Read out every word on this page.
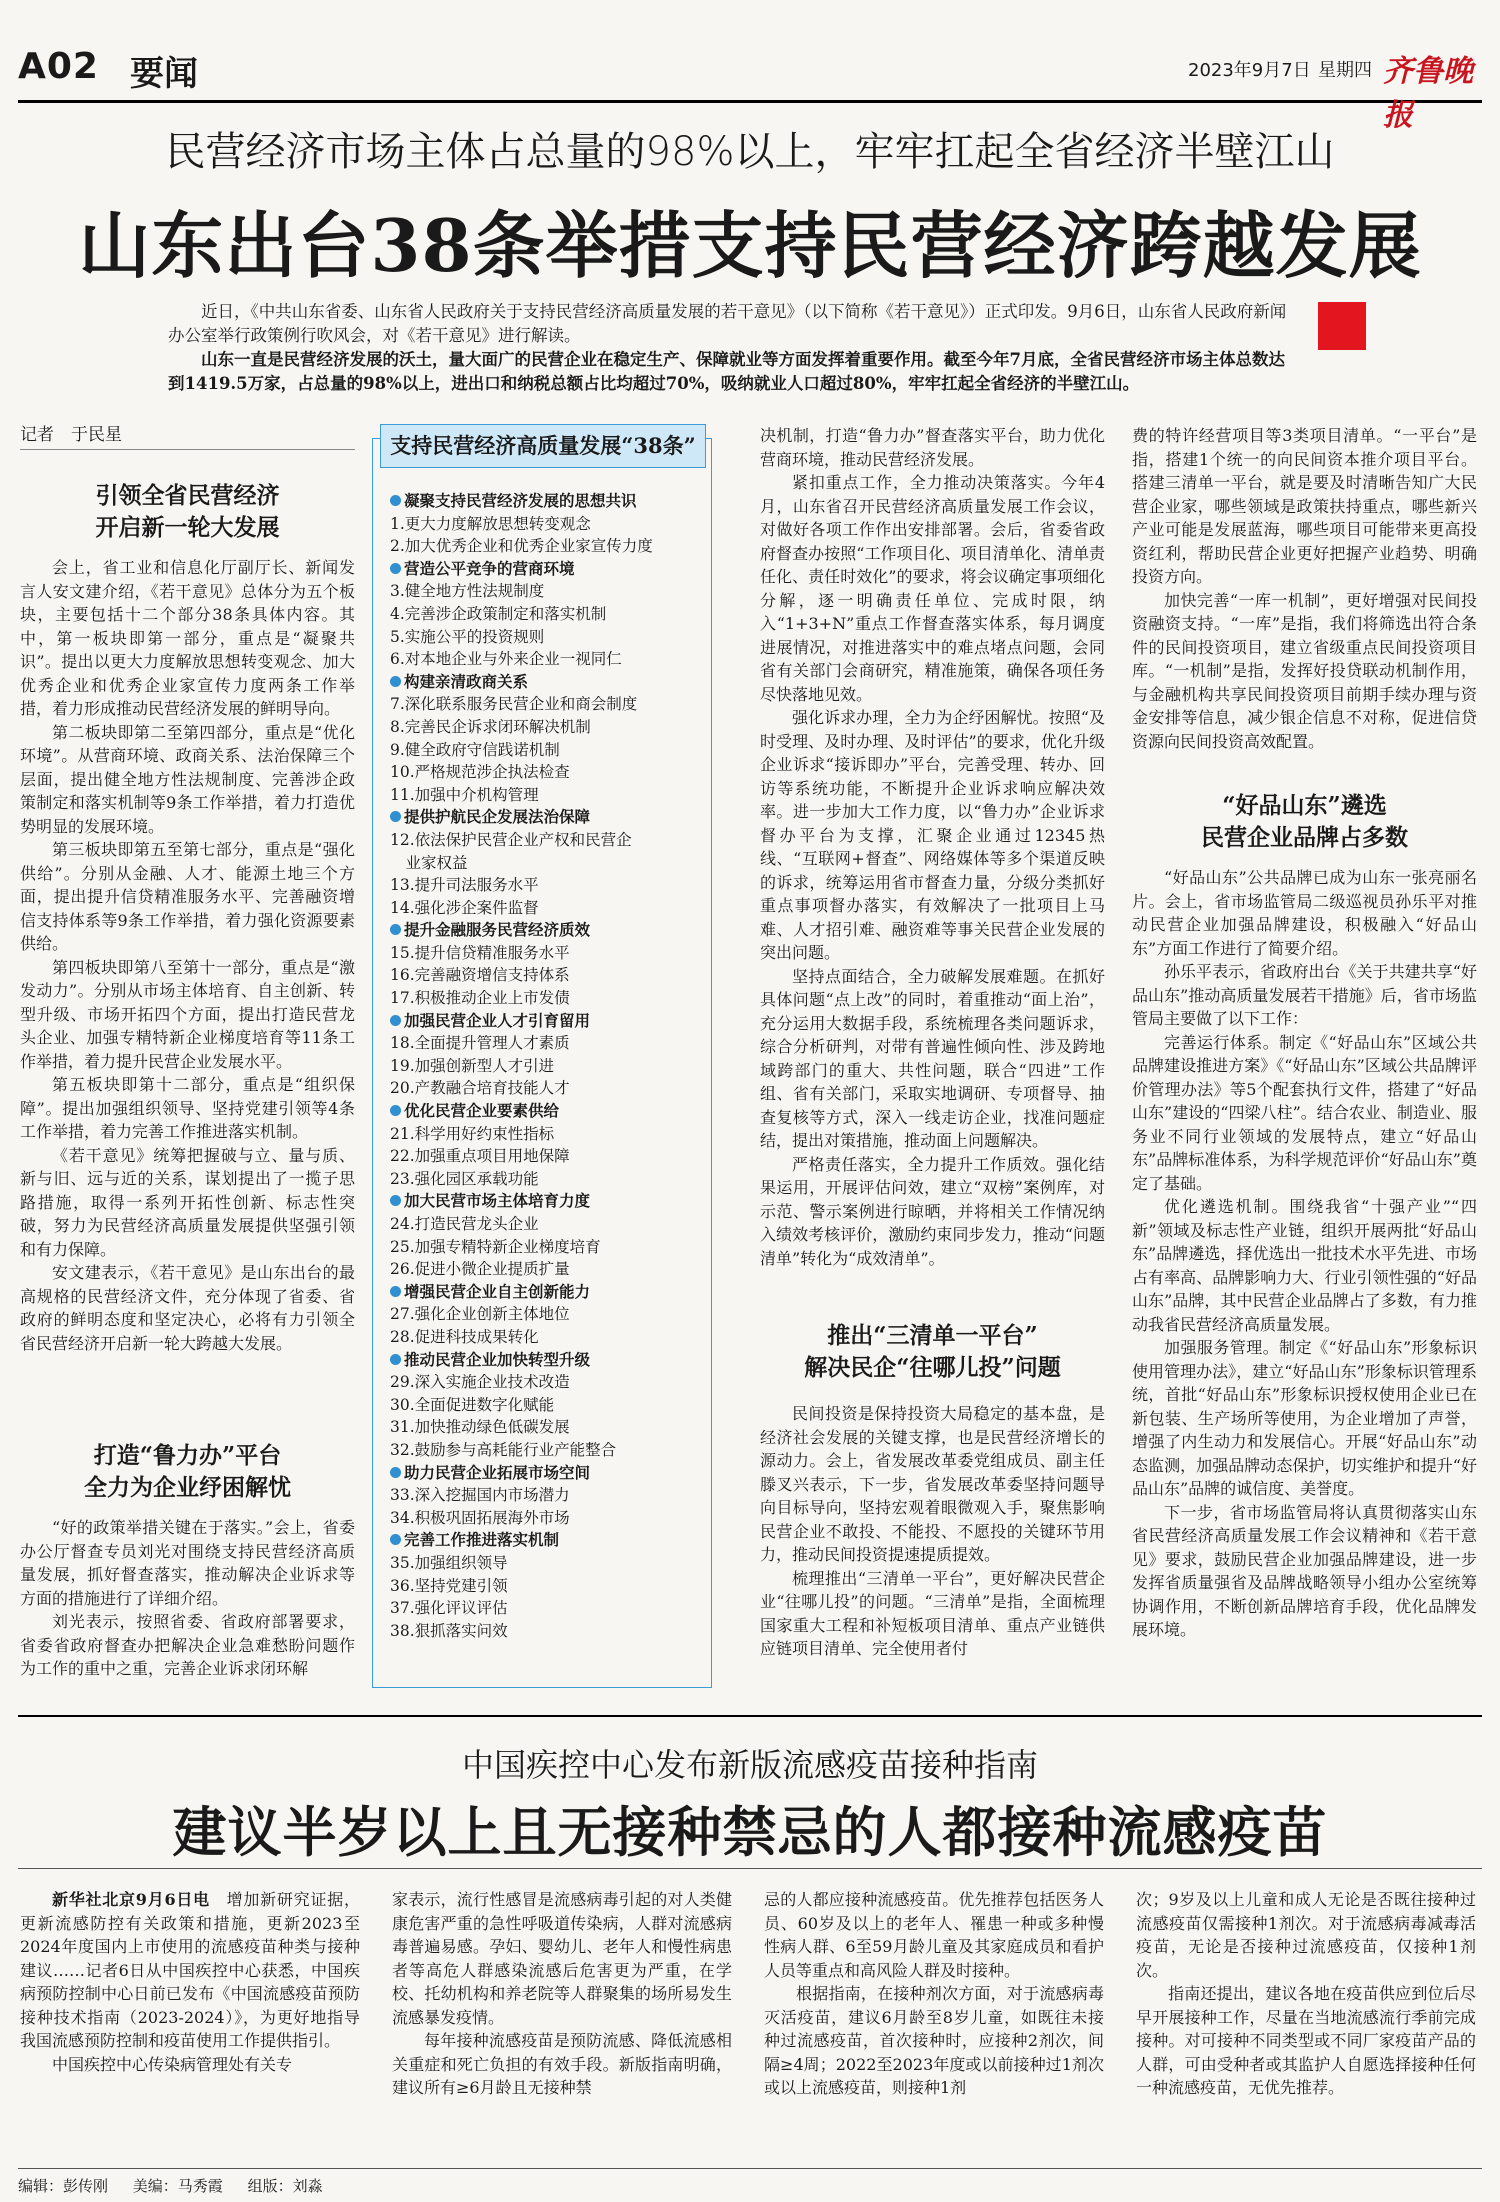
A02 要闻	2023年9月7日 星期四 齐鲁晚报
民营经济市场主体占总量的98%以上，牢牢扛起全省经济半壁江山
山东出台38条举措支持民营经济跨越发展

近日，《中共山东省委、山东省人民政府关于支持民营经济高质量发展的若干意见》（以下简称《若干意见》）正式印发。9月6日，山东省人民政府新闻办公室举行政策例行吹风会，对《若干意见》进行解读。

山东一直是民营经济发展的沃土，量大面广的民营企业在稳定生产、保障就业等方面发挥着重要作用。截至今年7月底，全省民营经济市场主体总数达到1419.5万家，占总量的98%以上，进出口和纳税总额占比均超过70%，吸纳就业人口超过80%，牢牢扛起全省经济的半壁江山。

记者　于民星
引领全省民营经济
开启新一轮大发展

会上，省工业和信息化厅副厅长、新闻发言人安文建介绍，《若干意见》总体分为五个板块，主要包括十二个部分38条具体内容。其中，第一板块即第一部分，重点是“凝聚共识”。提出以更大力度解放思想转变观念、加大优秀企业和优秀企业家宣传力度两条工作举措，着力形成推动民营经济发展的鲜明导向。

第二板块即第二至第四部分，重点是“优化环境”。从营商环境、政商关系、法治保障三个层面，提出健全地方性法规制度、完善涉企政策制定和落实机制等9条工作举措，着力打造优势明显的发展环境。

第三板块即第五至第七部分，重点是“强化供给”。分别从金融、人才、能源土地三个方面，提出提升信贷精准服务水平、完善融资增信支持体系等9条工作举措，着力强化资源要素供给。

第四板块即第八至第十一部分，重点是“激发动力”。分别从市场主体培育、自主创新、转型升级、市场开拓四个方面，提出打造民营龙头企业、加强专精特新企业梯度培育等11条工作举措，着力提升民营企业发展水平。

第五板块即第十二部分，重点是“组织保障”。提出加强组织领导、坚持党建引领等4条工作举措，着力完善工作推进落实机制。

《若干意见》统筹把握破与立、量与质、新与旧、远与近的关系，谋划提出了一揽子思路措施，取得一系列开拓性创新、标志性突破，努力为民营经济高质量发展提供坚强引领和有力保障。

安文建表示，《若干意见》是山东出台的最高规格的民营经济文件，充分体现了省委、省政府的鲜明态度和坚定决心，必将有力引领全省民营经济开启新一轮大跨越大发展。

打造“鲁力办”平台
全力为企业纾困解忧

“好的政策举措关键在于落实。”会上，省委办公厅督查专员刘光对围绕支持民营经济高质量发展，抓好督查落实，推动解决企业诉求等方面的措施进行了详细介绍。

刘光表示，按照省委、省政府部署要求，省委省政府督查办把解决企业急难愁盼问题作为工作的重中之重，完善企业诉求闭环解

支持民营经济高质量发展“38条”
凝聚支持民营经济发展的思想共识
1.更大力度解放思想转变观念
2.加大优秀企业和优秀企业家宣传力度
营造公平竞争的营商环境
3.健全地方性法规制度
4.完善涉企政策制定和落实机制
5.实施公平的投资规则
6.对本地企业与外来企业一视同仁
构建亲清政商关系
7.深化联系服务民营企业和商会制度
8.完善民企诉求闭环解决机制
9.健全政府守信践诺机制
10.严格规范涉企执法检查
11.加强中介机构管理
提供护航民企发展法治保障
12.依法保护民营企业产权和民营企
　业家权益
13.提升司法服务水平
14.强化涉企案件监督
提升金融服务民营经济质效
15.提升信贷精准服务水平
16.完善融资增信支持体系
17.积极推动企业上市发债
加强民营企业人才引育留用
18.全面提升管理人才素质
19.加强创新型人才引进
20.产教融合培育技能人才
优化民营企业要素供给
21.科学用好约束性指标
22.加强重点项目用地保障
23.强化园区承载功能
加大民营市场主体培育力度
24.打造民营龙头企业
25.加强专精特新企业梯度培育
26.促进小微企业提质扩量
增强民营企业自主创新能力
27.强化企业创新主体地位
28.促进科技成果转化
推动民营企业加快转型升级
29.深入实施企业技术改造
30.全面促进数字化赋能
31.加快推动绿色低碳发展
32.鼓励参与高耗能行业产能整合
助力民营企业拓展市场空间
33.深入挖掘国内市场潜力
34.积极巩固拓展海外市场
完善工作推进落实机制
35.加强组织领导
36.坚持党建引领
37.强化评议评估
38.狠抓落实问效

决机制，打造“鲁力办”督查落实平台，助力优化营商环境，推动民营经济发展。

紧扣重点工作，全力推动决策落实。今年4月，山东省召开民营经济高质量发展工作会议，对做好各项工作作出安排部署。会后，省委省政府督查办按照“工作项目化、项目清单化、清单责任化、责任时效化”的要求，将会议确定事项细化分解，逐一明确责任单位、完成时限，纳入“1+3+N”重点工作督查落实体系，每月调度进展情况，对推进落实中的难点堵点问题，会同省有关部门会商研究，精准施策，确保各项任务尽快落地见效。

强化诉求办理，全力为企纾困解忧。按照“及时受理、及时办理、及时评估”的要求，优化升级企业诉求“接诉即办”平台，完善受理、转办、回访等系统功能，不断提升企业诉求响应解决效率。进一步加大工作力度，以“鲁力办”企业诉求督办平台为支撑，汇聚企业通过12345热线、“互联网+督查”、网络媒体等多个渠道反映的诉求，统筹运用省市督查力量，分级分类抓好重点事项督办落实，有效解决了一批项目上马难、人才招引难、融资难等事关民营企业发展的突出问题。

坚持点面结合，全力破解发展难题。在抓好具体问题“点上改”的同时，着重推动“面上治”，充分运用大数据手段，系统梳理各类问题诉求，综合分析研判，对带有普遍性倾向性、涉及跨地域跨部门的重大、共性问题，联合“四进”工作组、省有关部门，采取实地调研、专项督导、抽查复核等方式，深入一线走访企业，找准问题症结，提出对策措施，推动面上问题解决。

严格责任落实，全力提升工作质效。强化结果运用，开展评估问效，建立“双榜”案例库，对示范、警示案例进行晾晒，并将相关工作情况纳入绩效考核评价，激励约束同步发力，推动“问题清单”转化为“成效清单”。

推出“三清单一平台”
解决民企“往哪儿投”问题

民间投资是保持投资大局稳定的基本盘，是经济社会发展的关键支撑，也是民营经济增长的源动力。会上，省发展改革委党组成员、副主任滕叉兴表示，下一步，省发展改革委坚持问题导向目标导向，坚持宏观着眼微观入手，聚焦影响民营企业不敢投、不能投、不愿投的关键环节用力，推动民间投资提速提质提效。

梳理推出“三清单一平台”，更好解决民营企业“往哪儿投”的问题。“三清单”是指，全面梳理国家重大工程和补短板项目清单、重点产业链供应链项目清单、完全使用者付

费的特许经营项目等3类项目清单。“一平台”是指，搭建1个统一的向民间资本推介项目平台。搭建三清单一平台，就是要及时清晰告知广大民营企业家，哪些领域是政策扶持重点，哪些新兴产业可能是发展蓝海，哪些项目可能带来更高投资红利，帮助民营企业更好把握产业趋势、明确投资方向。

加快完善“一库一机制”，更好增强对民间投资融资支持。“一库”是指，我们将筛选出符合条件的民间投资项目，建立省级重点民间投资项目库。“一机制”是指，发挥好投贷联动机制作用，与金融机构共享民间投资项目前期手续办理与资金安排等信息，减少银企信息不对称，促进信贷资源向民间投资高效配置。

“好品山东”遴选
民营企业品牌占多数

“好品山东”公共品牌已成为山东一张亮丽名片。会上，省市场监管局二级巡视员孙乐平对推动民营企业加强品牌建设，积极融入“好品山东”方面工作进行了简要介绍。

孙乐平表示，省政府出台《关于共建共享“好品山东”推动高质量发展若干措施》后，省市场监管局主要做了以下工作：

完善运行体系。制定《“好品山东”区域公共品牌建设推进方案》《“好品山东”区域公共品牌评价管理办法》等5个配套执行文件，搭建了“好品山东”建设的“四梁八柱”。结合农业、制造业、服务业不同行业领域的发展特点，建立“好品山东”品牌标准体系，为科学规范评价“好品山东”奠定了基础。

优化遴选机制。围绕我省“十强产业”“四新”领域及标志性产业链，组织开展两批“好品山东”品牌遴选，择优选出一批技术水平先进、市场占有率高、品牌影响力大、行业引领性强的“好品山东”品牌，其中民营企业品牌占了多数，有力推动我省民营经济高质量发展。

加强服务管理。制定《“好品山东”形象标识使用管理办法》，建立“好品山东”形象标识管理系统，首批“好品山东”形象标识授权使用企业已在新包装、生产场所等使用，为企业增加了声誉，增强了内生动力和发展信心。开展“好品山东”动态监测，加强品牌动态保护，切实维护和提升“好品山东”品牌的诚信度、美誉度。

下一步，省市场监管局将认真贯彻落实山东省民营经济高质量发展工作会议精神和《若干意见》要求，鼓励民营企业加强品牌建设，进一步发挥省质量强省及品牌战略领导小组办公室统筹协调作用，不断创新品牌培育手段，优化品牌发展环境。

中国疾控中心发布新版流感疫苗接种指南
建议半岁以上且无接种禁忌的人都接种流感疫苗

新华社北京9月6日电　 增加新研究证据，更新流感防控有关政策和措施，更新2023至2024年度国内上市使用的流感疫苗种类与接种建议……记者6日从中国疾控中心获悉，中国疾病预防控制中心日前已发布《中国流感疫苗预防接种技术指南（2023-2024）》，为更好地指导我国流感预防控制和疫苗使用工作提供指引。

中国疾控中心传染病管理处有关专

家表示，流行性感冒是流感病毒引起的对人类健康危害严重的急性呼吸道传染病，人群对流感病毒普遍易感。孕妇、婴幼儿、老年人和慢性病患者等高危人群感染流感后危害更为严重，在学校、托幼机构和养老院等人群聚集的场所易发生流感暴发疫情。

每年接种流感疫苗是预防流感、降低流感相关重症和死亡负担的有效手段。新版指南明确，建议所有≥6月龄且无接种禁

忌的人都应接种流感疫苗。优先推荐包括医务人员、60岁及以上的老年人、罹患一种或多种慢性病人群、6至59月龄儿童及其家庭成员和看护人员等重点和高风险人群及时接种。

根据指南，在接种剂次方面，对于流感病毒灭活疫苗，建议6月龄至8岁儿童，如既往未接种过流感疫苗，首次接种时，应接种2剂次，间隔≥4周；2022至2023年度或以前接种过1剂次或以上流感疫苗，则接种1剂

次；9岁及以上儿童和成人无论是否既往接种过流感疫苗仅需接种1剂次。对于流感病毒减毒活疫苗，无论是否接种过流感疫苗，仅接种1剂次。

指南还提出，建议各地在疫苗供应到位后尽早开展接种工作，尽量在当地流感流行季前完成接种。对可接种不同类型或不同厂家疫苗产品的人群，可由受种者或其监护人自愿选择接种任何一种流感疫苗，无优先推荐。

编辑：彭传刚 美编：马秀霞 组版：刘淼
